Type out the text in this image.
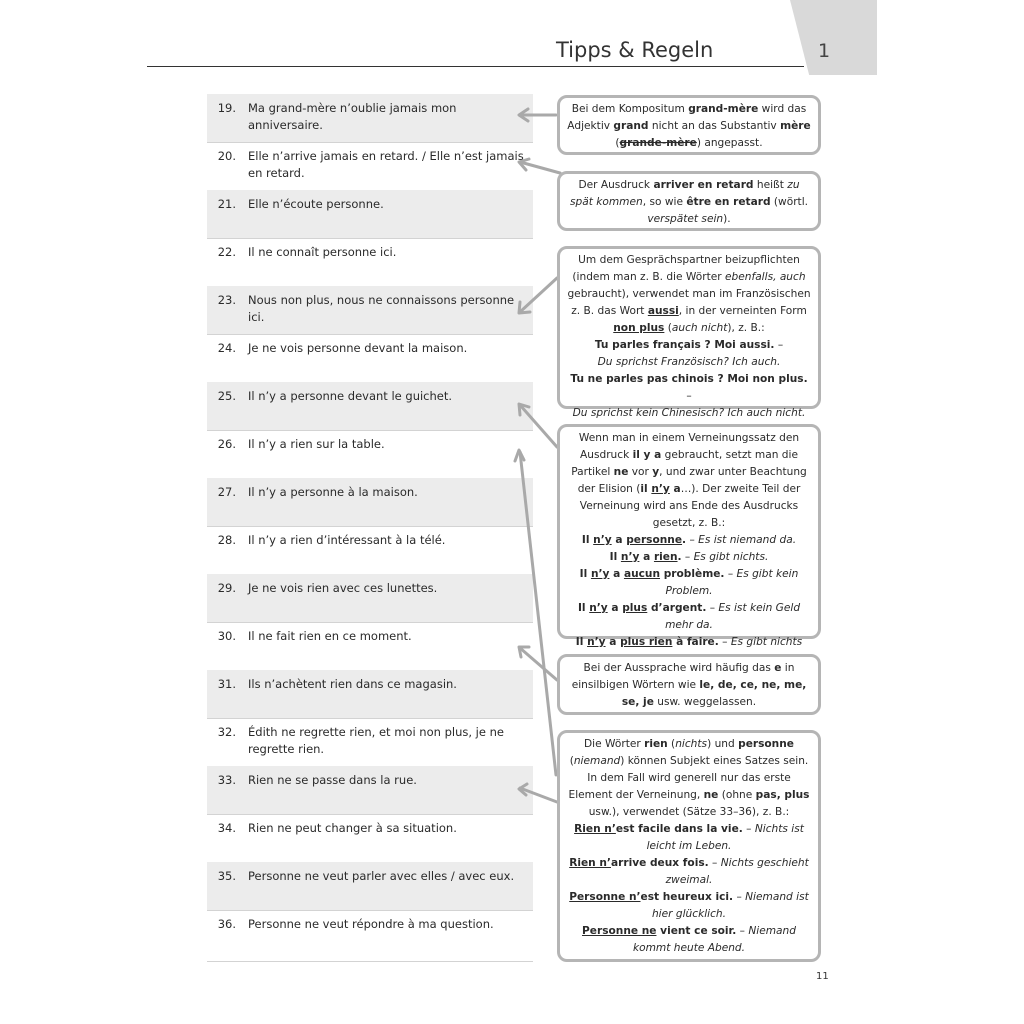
1
Tipps & Regeln
19. Ma grand-mère n’oublie jamais mon anniversaire.
20. Elle n’arrive jamais en retard. / Elle n’est jamais en retard.
21. Elle n’écoute personne.
22. Il ne connaît personne ici.
23. Nous non plus, nous ne connaissons personne ici.
24. Je ne vois personne devant la maison.
25. Il n’y a personne devant le guichet.
26. Il n’y a rien sur la table.
27. Il n’y a personne à la maison.
28. Il n’y a rien d’intéressant à la télé.
29. Je ne vois rien avec ces lunettes.
30. Il ne fait rien en ce moment.
31. Ils n’achètent rien dans ce magasin.
32. Édith ne regrette rien, et moi non plus, je ne regrette rien.
33. Rien ne se passe dans la rue.
34. Rien ne peut changer à sa situation.
35. Personne ne veut parler avec elles / avec eux.
36. Personne ne veut répondre à ma question.
Bei dem Kompositum grand-mère wird das Adjektiv grand nicht an das Substantiv mère (grande-mère) angepasst.
Der Ausdruck arriver en retard heißt zu spät kommen, so wie être en retard (wörtl. verspätet sein).
Um dem Gesprächspartner beizupflichten (indem man z. B. die Wörter ebenfalls, auch gebraucht), verwendet man im Französischen z. B. das Wort aussi, in der verneinten Form non plus (auch nicht), z. B.:
Tu parles français ? Moi aussi. –
Du sprichst Französisch? Ich auch.
Tu ne parles pas chinois ? Moi non plus. –
Du sprichst kein Chinesisch? Ich auch nicht.
Wenn man in einem Verneinungssatz den Ausdruck il y a gebraucht, setzt man die Partikel ne vor y, und zwar unter Beachtung der Elision (il n’y a…). Der zweite Teil der Verneinung wird ans Ende des Ausdrucks gesetzt, z. B.:
Il n’y a personne. – Es ist niemand da.
Il n’y a rien. – Es gibt nichts.
Il n’y a aucun problème. – Es gibt kein Problem.
Il n’y a plus d’argent. – Es ist kein Geld mehr da.
Il n’y a plus rien à faire. – Es gibt nichts
Bei der Aussprache wird häufig das e in einsilbigen Wörtern wie le, de, ce, ne, me, se, je usw. weggelassen.
Die Wörter rien (nichts) und personne (niemand) können Subjekt eines Satzes sein. In dem Fall wird generell nur das erste Element der Verneinung, ne (ohne pas, plus usw.), verwendet (Sätze 33–36), z. B.:
Rien n’est facile dans la vie. – Nichts ist leicht im Leben.
Rien n’arrive deux fois. – Nichts geschieht zweimal.
Personne n’est heureux ici. – Niemand ist hier glücklich.
Personne ne vient ce soir. – Niemand kommt heute Abend.
11
